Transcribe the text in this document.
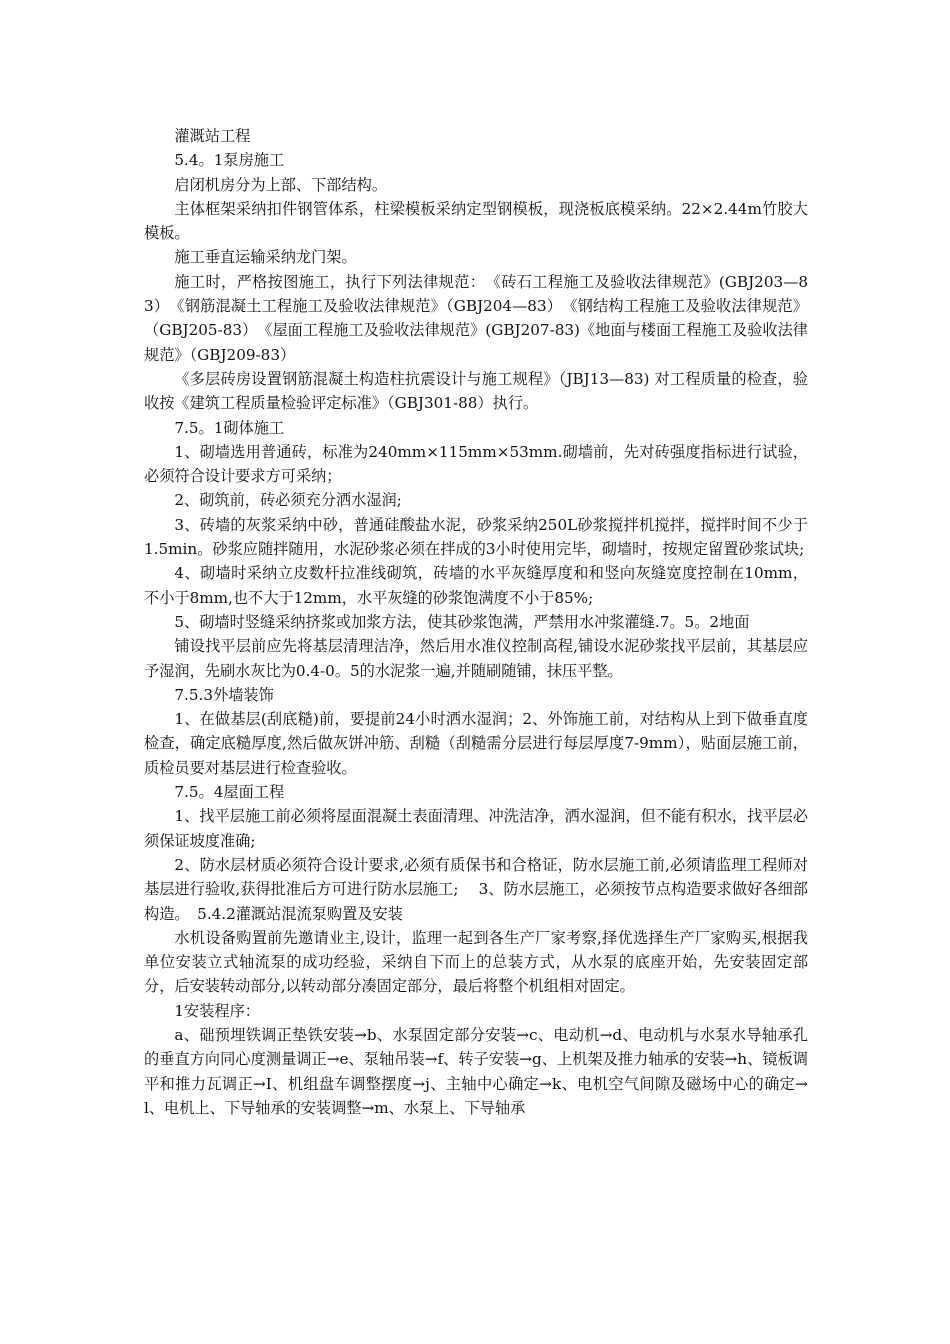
灌溉站工程

5.4。1泵房施工

启闭机房分为上部、下部结构。

主体框架采纳扣件钢管体系，柱梁模板采纳定型钢模板，现浇板底模采纳。22×2.44m竹胶大模板。

施工垂直运输采纳龙门架。

施工时，严格按图施工，执行下列法律规范：　《砖石工程施工及验收法律规范》(GBJ203—83）　《钢筋混凝土工程施工及验收法律规范》（GBJ204—83）　《钢结构工程施工及验收法律规范》（GBJ205-83）　《屋面工程施工及验收法律规范》(GBJ207-83)《地面与楼面工程施工及验收法律规范》（GBJ209-83）

《多层砖房设置钢筋混凝土构造柱抗震设计与施工规程》（JBJ13—83) 对工程质量的检查，验收按《建筑工程质量检验评定标准》（GBJ301-88）执行。

7.5。1砌体施工

1、砌墙选用普通砖，标准为240mm×115mm×53mm.砌墙前，先对砖强度指标进行试验，必须符合设计要求方可采纳；

2、砌筑前，砖必须充分洒水湿润;

3、砖墙的灰浆采纳中砂，普通硅酸盐水泥，砂浆采纳250L砂浆搅拌机搅拌，搅拌时间不少于1.5min。砂浆应随拌随用，水泥砂浆必须在拌成的3小时使用完毕，砌墙时，按规定留置砂浆试块;

4、砌墙时采纳立皮数杆拉准线砌筑，砖墙的水平灰缝厚度和和竖向灰缝宽度控制在10mm，不小于8mm,也不大于12mm，水平灰缝的砂浆饱满度不小于85%;

5、砌墙时竖缝采纳挤浆或加浆方法，使其砂浆饱满，严禁用水冲浆灌缝.7。5。2地面

铺设找平层前应先将基层清理洁净，然后用水准仪控制高程,铺设水泥砂浆找平层前，其基层应予湿润，先刷水灰比为0.4-0。5的水泥浆一遍,并随刷随铺，抹压平整。

7.5.3外墙装饰

1、在做基层(刮底糙)前，要提前24小时洒水湿润；2、外饰施工前，对结构从上到下做垂直度检查，确定底糙厚度,然后做灰饼冲筋、刮糙（刮糙需分层进行每层厚度7-9mm），贴面层施工前，质检员要对基层进行检查验收。

7.5。4屋面工程

1、找平层施工前必须将屋面混凝土表面清理、冲洗洁净，洒水湿润，但不能有积水，找平层必须保证坡度准确;

2、防水层材质必须符合设计要求,必须有质保书和合格证，防水层施工前,必须请监理工程师对基层进行验收,获得批准后方可进行防水层施工;　 3、防水层施工，必须按节点构造要求做好各细部构造。　5.4.2灌溉站混流泵购置及安装

水机设备购置前先邀请业主,设计，监理一起到各生产厂家考察,择优选择生产厂家购买,根据我单位安装立式轴流泵的成功经验，采纳自下而上的总装方式，从水泵的底座开始，先安装固定部分，后安装转动部分,以转动部分凑固定部分，最后将整个机组相对固定。

1安装程序：

a、础预埋铁调正垫铁安装→b、水泵固定部分安装→c、电动机→d、电动机与水泵水导轴承孔的垂直方向同心度测量调正→e、泵轴吊装→f、转子安装→g、上机架及推力轴承的安装→h、镜板调平和推力瓦调正→I、机组盘车调整摆度→j、主轴中心确定→k、电机空气间隙及磁场中心的确定→l、电机上、下导轴承的安装调整→m、水泵上、下导轴承
